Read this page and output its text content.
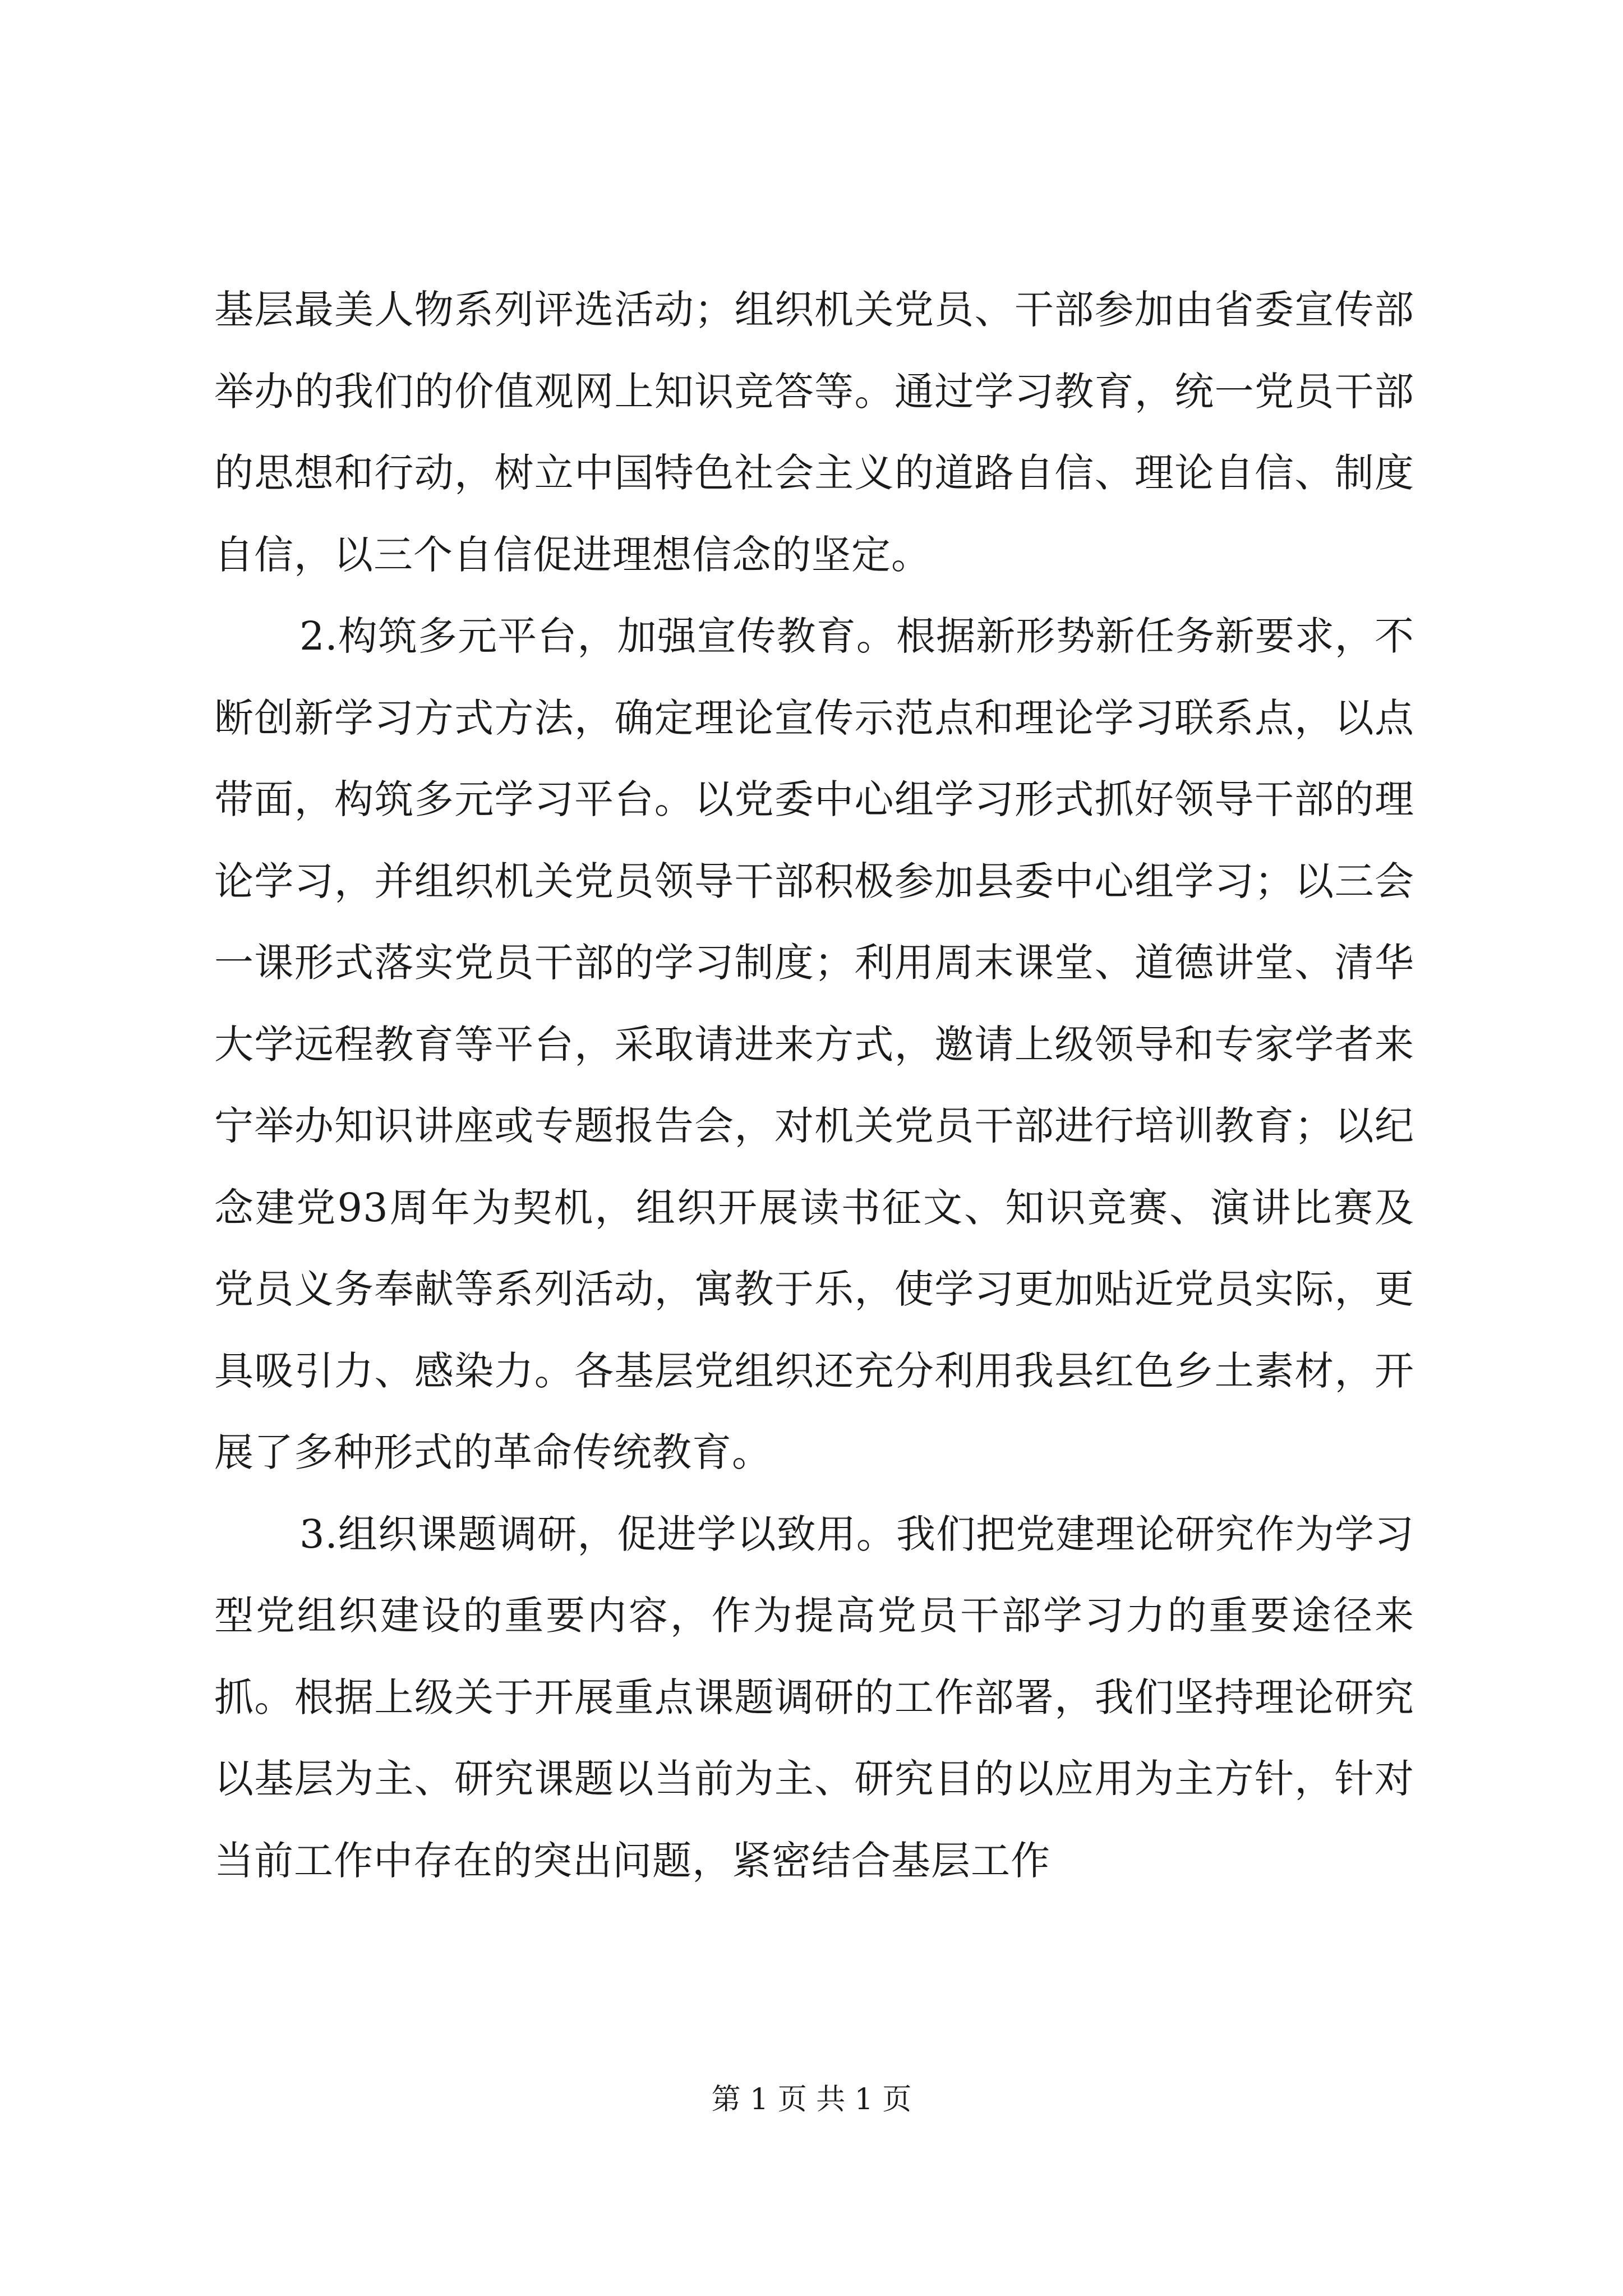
基层最美人物系列评选活动；组织机关党员、干部参加由省委宣传部举办的我们的价值观网上知识竞答等。通过学习教育，统一党员干部的思想和行动，树立中国特色社会主义的道路自信、理论自信、制度自信，以三个自信促进理想信念的坚定。

2.构筑多元平台，加强宣传教育。根据新形势新任务新要求，不断创新学习方式方法，确定理论宣传示范点和理论学习联系点，以点带面，构筑多元学习平台。以党委中心组学习形式抓好领导干部的理论学习，并组织机关党员领导干部积极参加县委中心组学习；以三会一课形式落实党员干部的学习制度；利用周末课堂、道德讲堂、清华大学远程教育等平台，采取请进来方式，邀请上级领导和专家学者来宁举办知识讲座或专题报告会，对机关党员干部进行培训教育；以纪念建党93周年为契机，组织开展读书征文、知识竞赛、演讲比赛及党员义务奉献等系列活动，寓教于乐，使学习更加贴近党员实际，更具吸引力、感染力。各基层党组织还充分利用我县红色乡土素材，开展了多种形式的革命传统教育。

3.组织课题调研，促进学以致用。我们把党建理论研究作为学习型党组织建设的重要内容，作为提高党员干部学习力的重要途径来抓。根据上级关于开展重点课题调研的工作部署，我们坚持理论研究以基层为主、研究课题以当前为主、研究目的以应用为主方针，针对当前工作中存在的突出问题，紧密结合基层工作

第 1 页 共 1 页
